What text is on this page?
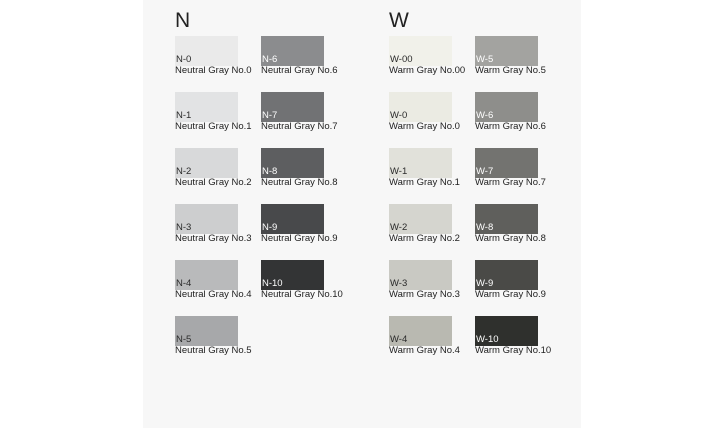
N	W
N-0
Neutral Gray No.0
N-1
Neutral Gray No.1
N-2
Neutral Gray No.2
N-3
Neutral Gray No.3
N-4
Neutral Gray No.4
N-5
Neutral Gray No.5
N-6
Neutral Gray No.6
N-7
Neutral Gray No.7
N-8
Neutral Gray No.8
N-9
Neutral Gray No.9
N-10
Neutral Gray No.10
W-00
Warm Gray No.00
W-0
Warm Gray No.0
W-1
Warm Gray No.1
W-2
Warm Gray No.2
W-3
Warm Gray No.3
W-4
Warm Gray No.4
W-5
Warm Gray No.5
W-6
Warm Gray No.6
W-7
Warm Gray No.7
W-8
Warm Gray No.8
W-9
Warm Gray No.9
W-10
Warm Gray No.10
